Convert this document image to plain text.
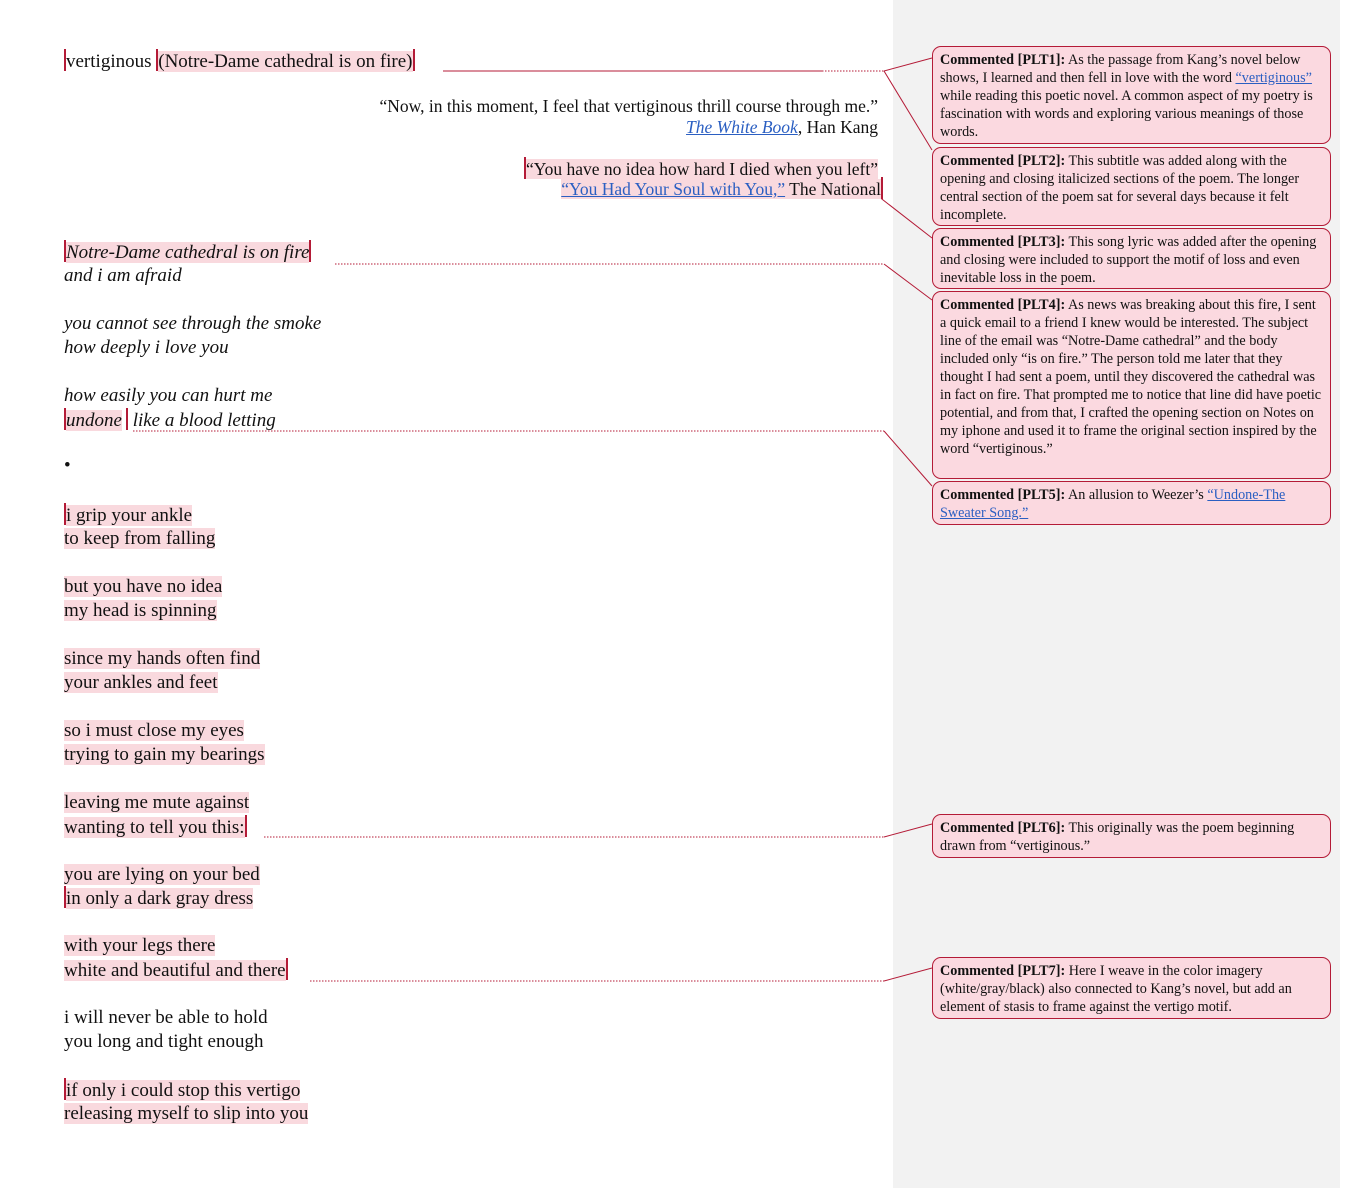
vertiginous (Notre-Dame cathedral is on fire)
“Now, in this moment, I feel that vertiginous thrill course through me.”
The White Book, Han Kang
“You have no idea how hard I died when you left”
“You Had Your Soul with You,” The National
Notre-Dame cathedral is on fire
and i am afraid
you cannot see through the smoke
how deeply i love you
how easily you can hurt me
undone like a blood letting
•
i grip your ankle
to keep from falling
but you have no idea
my head is spinning
since my hands often find
your ankles and feet
so i must close my eyes
trying to gain my bearings
leaving me mute against
wanting to tell you this:
you are lying on your bed
in only a dark gray dress
with your legs there
white and beautiful and there
i will never be able to hold
you long and tight enough
if only i could stop this vertigo
releasing myself to slip into you
Commented [PLT1]: As the passage from Kang’s novel below shows, I learned and then fell in love with the word “vertiginous” while reading this poetic novel. A common aspect of my poetry is fascination with words and exploring various meanings of those words.
Commented [PLT2]: This subtitle was added along with the opening and closing italicized sections of the poem. The longer central section of the poem sat for several days because it felt incomplete.
Commented [PLT3]: This song lyric was added after the opening and closing were included to support the motif of loss and even inevitable loss in the poem.
Commented [PLT4]: As news was breaking about this fire, I sent a quick email to a friend I knew would be interested. The subject line of the email was “Notre-Dame cathedral” and the body included only “is on fire.” The person told me later that they thought I had sent a poem, until they discovered the cathedral was in fact on fire. That prompted me to notice that line did have poetic potential, and from that, I crafted the opening section on Notes on my iphone and used it to frame the original section inspired by the word “vertiginous.”
Commented [PLT5]: An allusion to Weezer’s “Undone-The Sweater Song.”
Commented [PLT6]: This originally was the poem beginning drawn from “vertiginous.”
Commented [PLT7]: Here I weave in the color imagery (white/gray/black) also connected to Kang’s novel, but add an element of stasis to frame against the vertigo motif.
